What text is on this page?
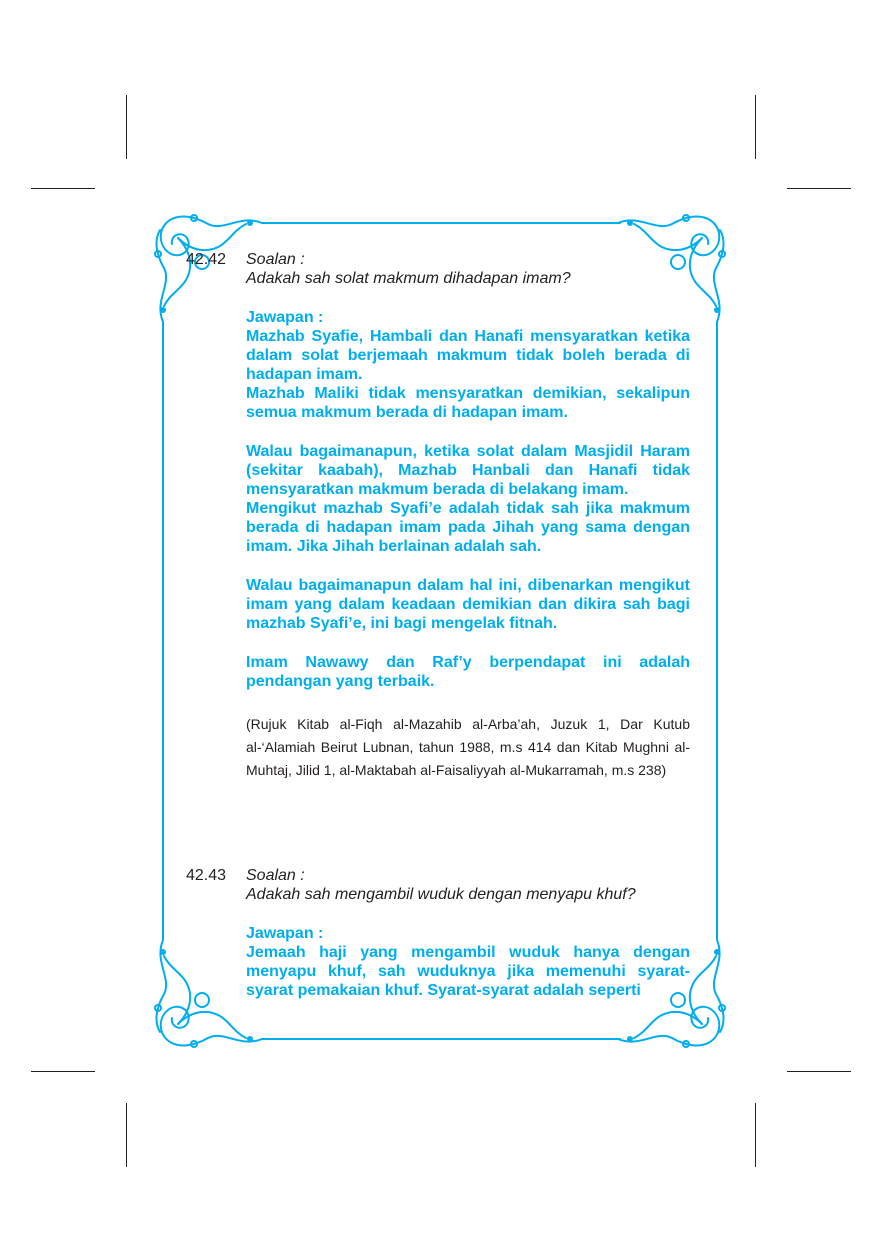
42.42 Soalan :

Adakah sah solat makmum dihadapan imam?

Jawapan :

Mazhab Syafie, Hambali dan Hanafi mensyaratkan ketika dalam solat berjemaah makmum tidak boleh berada di hadapan imam.

Mazhab Maliki tidak mensyaratkan demikian, sekalipun semua makmum berada di hadapan imam.

Walau bagaimanapun, ketika solat dalam Masjidil Haram (sekitar kaabah), Mazhab Hanbali dan Hanafi tidak mensyaratkan makmum berada di belakang imam.

Mengikut mazhab Syafi’e adalah tidak sah jika makmum berada di hadapan imam pada Jihah yang sama dengan imam. Jika Jihah berlainan adalah sah.

Walau bagaimanapun dalam hal ini, dibenarkan mengikut imam yang dalam keadaan demikian dan dikira sah bagi mazhab Syafi’e, ini bagi mengelak fitnah.

Imam Nawawy dan Raf’y berpendapat ini adalah pendangan yang terbaik.

(Rujuk Kitab al-Fiqh al-Mazahib al-Arba’ah, Juzuk 1, Dar Kutub al-‘Alamiah Beirut Lubnan, tahun 1988, m.s 414 dan Kitab Mughni al-Muhtaj, Jilid 1, al-Maktabah al-Faisaliyyah al-Mukarramah, m.s 238)

42.43 Soalan :

Adakah sah mengambil wuduk dengan menyapu khuf?

Jawapan :

Jemaah haji yang mengambil wuduk hanya dengan menyapu khuf, sah wuduknya jika memenuhi syarat-syarat pemakaian khuf. Syarat-syarat adalah seperti
